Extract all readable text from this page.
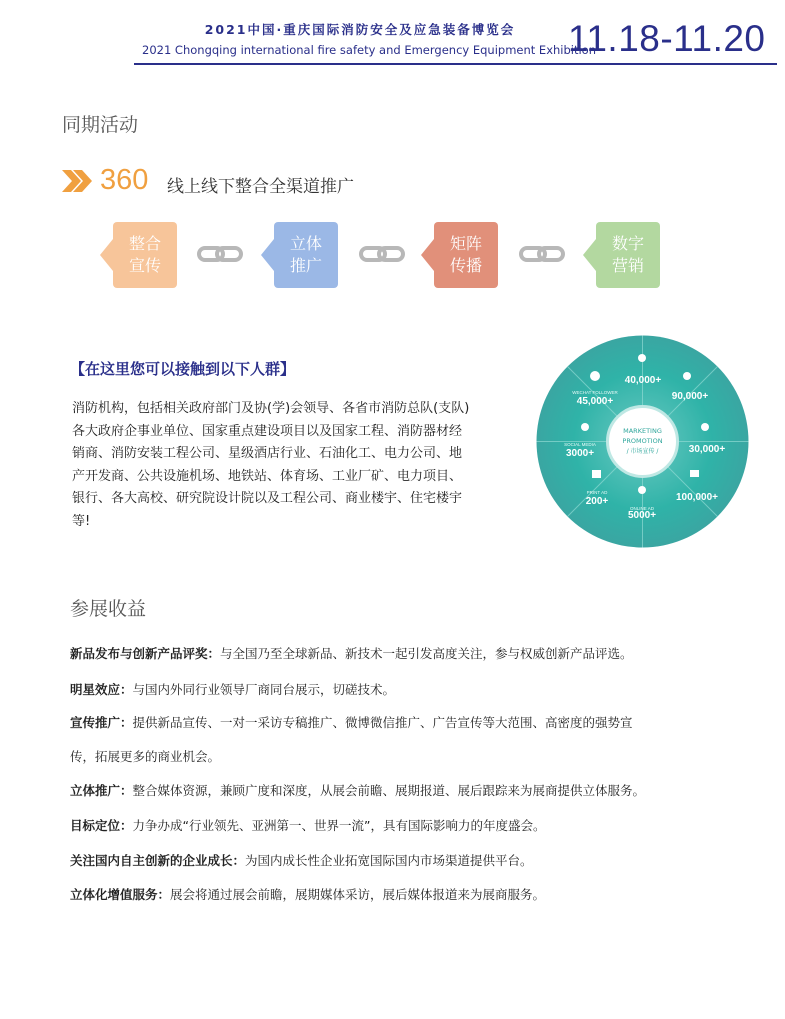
2021中国·重庆国际消防安全及应急装备博览会
2021 Chongqing international fire safety and Emergency Equipment Exhibition
11.18-11.20
同期活动
360 线上线下整合全渠道推广
整合宣传
立体推广
矩阵传播
数字营销
【在这里您可以接触到以下人群】
消防机构，包括相关政府部门及协(学)会领导、各省市消防总队(支队)各大政府企事业单位、国家重点建设项目以及国家工程、消防器材经销商、消防安装工程公司、星级酒店行业、石油化工、电力公司、地产开发商、公共设施机场、地铁站、体育场、工业厂矿、电力项目、银行、各大高校、研究院设计院以及工程公司、商业楼宇、住宅楼宇等!
MARKETING
PROMOTION
/ 市场宣传 /
40,000+
90,000+
30,000+
100,000+
5000+
200+
3000+
45,000+
ONLINE AD
PRINT AD
SOCIAL MEDIA
WECHAT FOLLOWER
参展收益
新品发布与创新产品评奖：与全国乃至全球新品、新技术一起引发高度关注，参与权威创新产品评选。
明星效应：与国内外同行业领导厂商同台展示，切磋技术。
宣传推广：提供新品宣传、一对一采访专稿推广、微博微信推广、广告宣传等大范围、高密度的强势宣
传，拓展更多的商业机会。
立体推广：整合媒体资源，兼顾广度和深度，从展会前瞻、展期报道、展后跟踪来为展商提供立体服务。
目标定位：力争办成“行业领先、亚洲第一、世界一流”，具有国际影响力的年度盛会。
关注国内自主创新的企业成长：为国内成长性企业拓宽国际国内市场渠道提供平台。
立体化增值服务：展会将通过展会前瞻，展期媒体采访，展后媒体报道来为展商服务。
